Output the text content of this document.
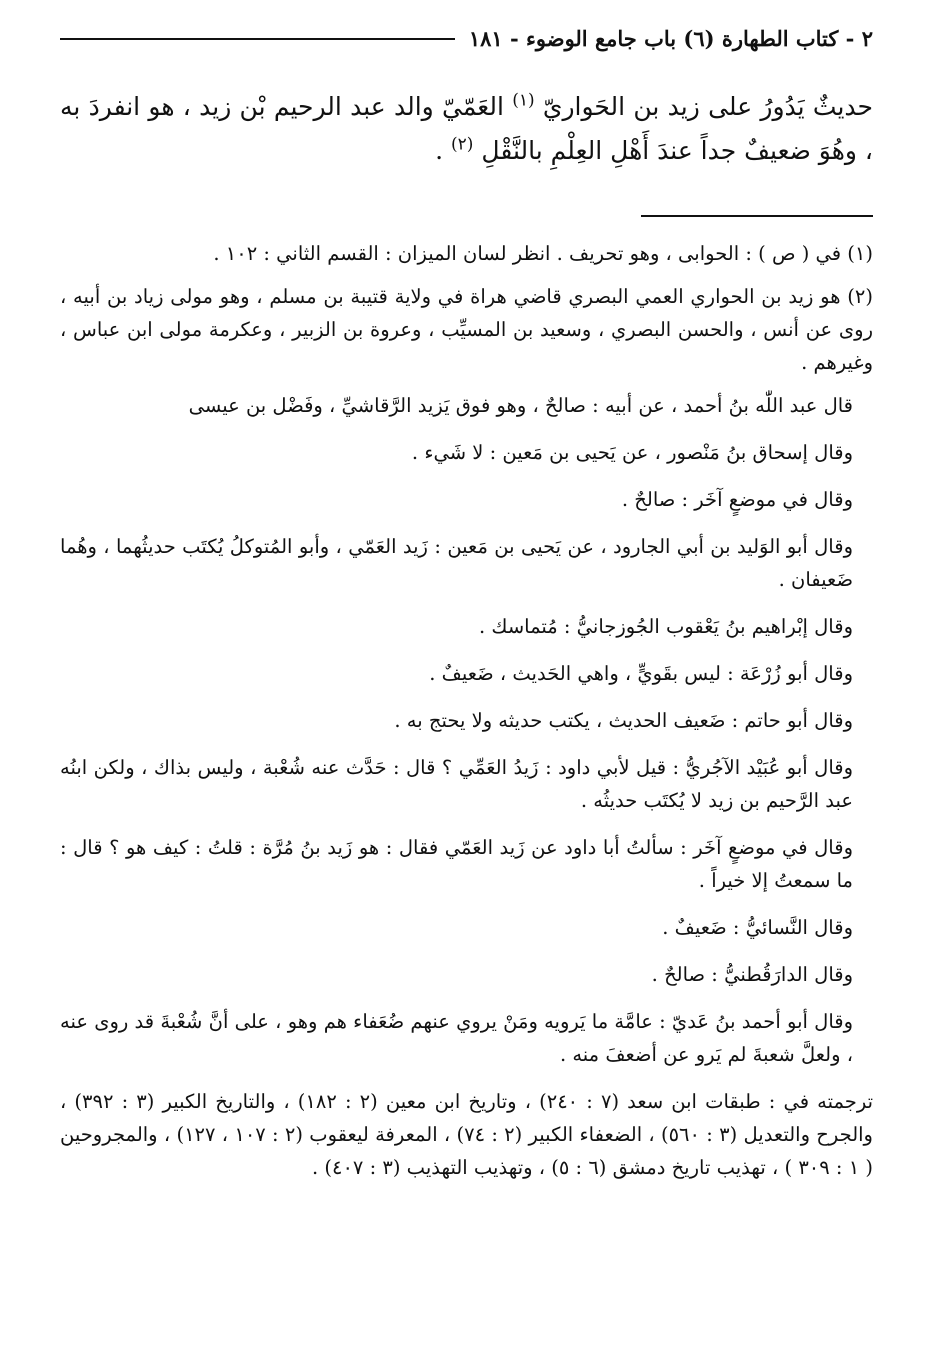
٢ - كتاب الطهارة (٦) باب جامع الوضوء - ١٨١

حديثٌ يَدُورُ على زيد بن الحَواريّ $^{(١)}$ العَمّيّ والد عبد الرحيم بْن زيد ، هو انفردَ به ، وهُوَ ضعيفٌ جداً عندَ أَهْلِ العِلْمِ بالنَّقْلِ $^{(٢)}$ .

(١) في ( ص ) : الحوابى ، وهو تحريف . انظر لسان الميزان : القسم الثاني : ١٠٢ .

(٢) هو زيد بن الحواري العمي البصري قاضي هراة في ولاية قتيبة بن مسلم ، وهو مولى زياد بن أبيه ، روى عن أنس ، والحسن البصري ، وسعيد بن المسيِّب ، وعروة بن الزبير ، وعكرمة مولى ابن عباس ، وغيرهم .

قال عبد اللّٰه بنُ أحمد ، عن أبيه : صالحٌ ، وهو فوق يَزيد الرَّقاشيِّ ، وفَضْل بن عيسى

وقال إسحاق بنُ مَنْصور ، عن يَحيى بن مَعين : لا شَيء .

وقال في موضعٍ آخَر : صالحٌ .

وقال أبو الوَليد بن أبي الجارود ، عن يَحيى بن مَعين : زَيد العَمّي ، وأبو المُتوكلُ يُكتَب حديثُهما ، وهُما ضَعيفان .

وقال إبْراهيم بنُ يَعْقوب الجُوزجانيُّ : مُتماسك .

وقال أبو زُرْعَة : ليس بقَويٍّ ، واهي الحَديث ، ضَعيفٌ .

وقال أبو حاتم : ضَعيف الحديث ، يكتب حديثه ولا يحتج به .

وقال أبو عُبَيْد الآجُريُّ : قيل لأبي داود : زَيدُ العَمِّي ؟ قال : حَدَّث عنه شُعْبة ، وليس بذاك ، ولكن ابنُه عبد الرَّحيم بن زيد لا يُكتَب حديثُه .

وقال في موضعٍ آخَر : سألتُ أبا داود عن زَيد العَمّي فقال : هو زَيد بنُ مُرَّة : قلتُ : كيف هو ؟ قال : ما سمعتُ إلا خيراً .

وقال النَّسائيُّ : ضَعيفٌ .

وقال الدارَقُطنيُّ : صالحٌ .

وقال أبو أحمد بنُ عَديّ : عامَّة ما يَرويه ومَنْ يروي عنهم ضُعَفاء هم وهو ، على أنَّ شُعْبةَ قد روى عنه ، ولعلَّ شعبةَ لم يَرو عن أضعفَ منه .

ترجمته في : طبقات ابن سعد (٧ : ٢٤٠) ، وتاريخ ابن معين (٢ : ١٨٢) ، والتاريخ الكبير (٣ : ٣٩٢) ، والجرح والتعديل (٣ : ٥٦٠) ، الضعفاء الكبير (٢ : ٧٤) ، المعرفة ليعقوب (٢ : ١٠٧ ، ١٢٧) ، والمجروحين ( ١ : ٣٠٩ ) ، تهذيب تاريخ دمشق (٦ : ٥) ، وتهذيب التهذيب (٣ : ٤٠٧) .
